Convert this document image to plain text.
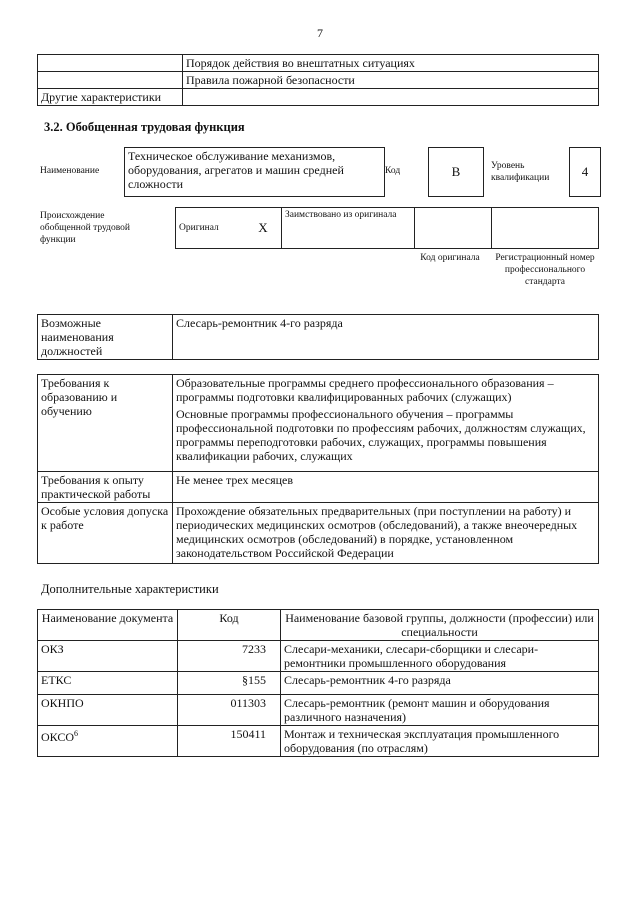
7
	Порядок действия во внештатных ситуациях
	Правила пожарной безопасности
Другие характеристики	
3.2. Обобщенная трудовая функция
Наименование
Техническое обслуживание механизмов, оборудования, агрегатов и машин средней сложности
Код	B	Уровень квалификации	4
Происхождение обобщенной трудовой функции
Оригинал	X	Заимствовано из оригинала		
Код оригинала	Регистрационный номер профессионального стандарта
Возможные наименования должностей	Слесарь-ремонтник 4-го разряда
Требования к образованию и обучению	Образовательные программы среднего профессионального образования – программы подготовки квалифицированных рабочих (служащих)

Основные программы профессионального обучения – программы профессиональной подготовки по профессиям рабочих, должностям служащих, программы переподготовки рабочих, служащих, программы повышения квалификации рабочих, служащих

Требования к опыту практической работы	Не менее трех месяцев
Особые условия допуска к работе	Прохождение обязательных предварительных (при поступлении на работу) и периодических медицинских осмотров (обследований), а также внеочередных медицинских осмотров (обследований) в порядке, установленном законодательством Российской Федерации
Дополнительные характеристики
Наименование документа	Код	Наименование базовой группы, должности (профессии) или специальности
ОКЗ	7233	Слесари-механики, слесари-сборщики и слесари-ремонтники промышленного оборудования
ЕТКС	§155	Слесарь-ремонтник 4-го разряда
ОКНПО	011303	Слесарь-ремонтник (ремонт машин и оборудования различного назначения)
ОКСО$^6$	150411	Монтаж и техническая эксплуатация промышленного оборудования (по отраслям)
